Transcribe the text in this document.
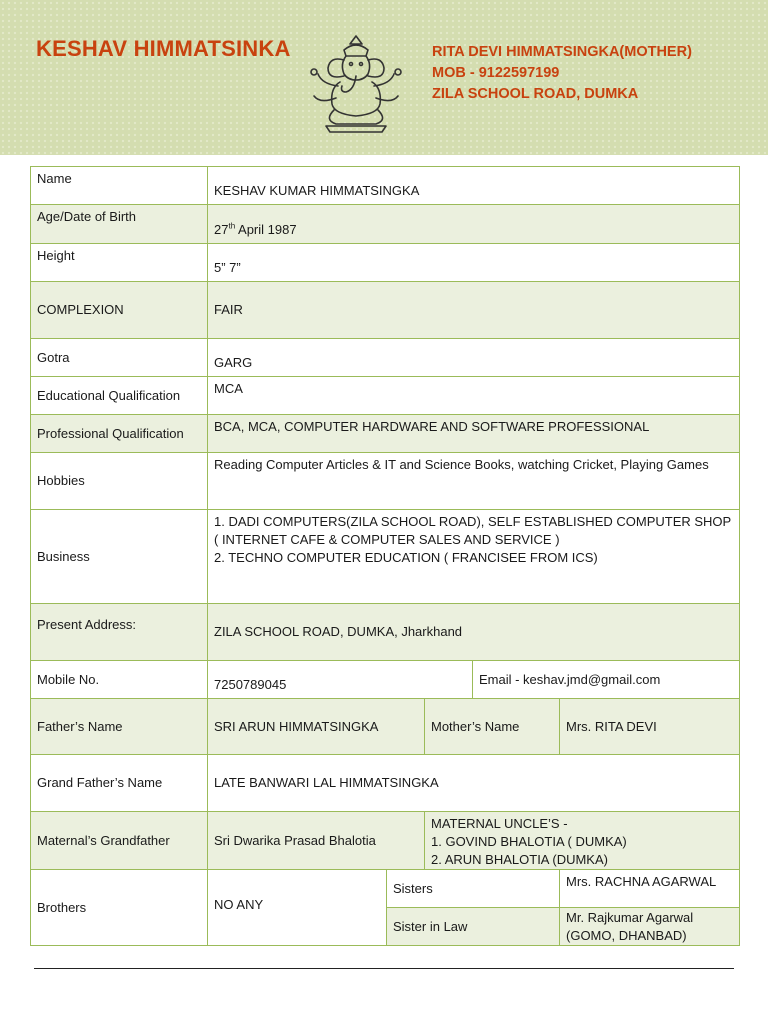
KESHAV HIMMATSINKA	RITA DEVI HIMMATSINGKA(MOTHER)
MOB - 9122597199
ZILA SCHOOL ROAD, DUMKA
Name	KESHAV KUMAR HIMMATSINGKA				
Age/Date of Birth	27th April 1987				
Height	5” 7”				
COMPLEXION	FAIR				
Gotra	GARG				
Educational Qualification	MCA				
Professional Qualification	BCA, MCA, COMPUTER HARDWARE AND SOFTWARE PROFESSIONAL				
Hobbies	Reading Computer Articles & IT and Science Books, watching Cricket, Playing Games				
Business	1. DADI COMPUTERS(ZILA SCHOOL ROAD), SELF ESTABLISHED COMPUTER SHOP ( INTERNET CAFE & COMPUTER SALES AND SERVICE )
2. TECHNO COMPUTER EDUCATION ( FRANCISEE FROM ICS)				

Present Address:	ZILA SCHOOL ROAD, DUMKA, Jharkhand				
Mobile No.	7250789045			Email - keshav.jmd@gmail.com	
Father’s Name	SRI ARUN HIMMATSINGKA		Mother’s Name		Mrs. RITA DEVI
Grand Father’s Name	LATE BANWARI LAL HIMMATSINGKA				
Maternal’s Grandfather	Sri Dwarika Prasad Bhalotia		MATERNAL UNCLE’S -
1. GOVIND BHALOTIA ( DUMKA)
2. ARUN BHALOTIA (DUMKA)		

Brothers	NO ANY	Sisters			Mrs. RACHNA AGARWAL
		Sister in Law			Mr. Rajkumar Agarwal
(GOMO, DHANBAD)
